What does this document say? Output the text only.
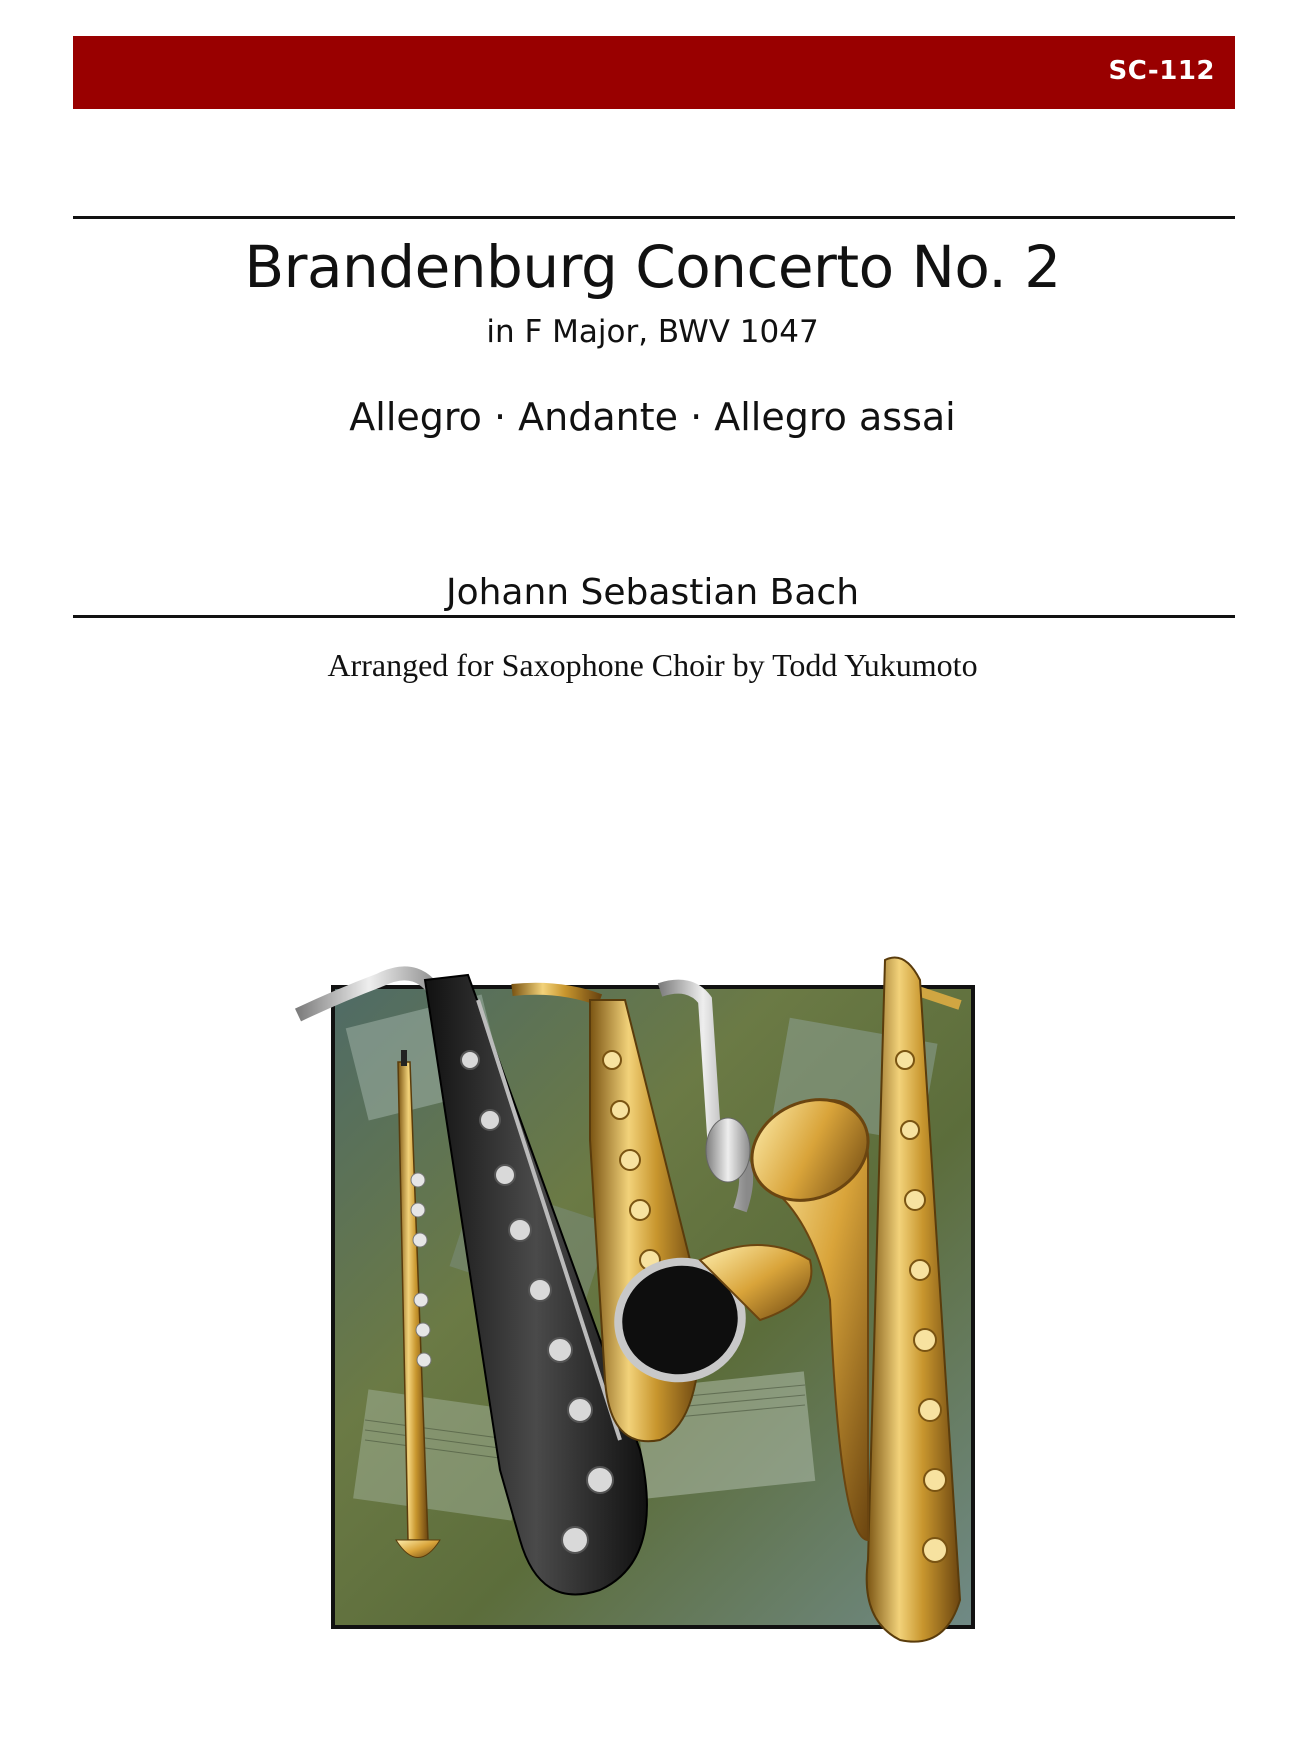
SC-112
Brandenburg Concerto No. 2
in F Major, BWV 1047
Allegro · Andante · Allegro assai
Johann Sebastian Bach
Arranged for Saxophone Choir by Todd Yukumoto
